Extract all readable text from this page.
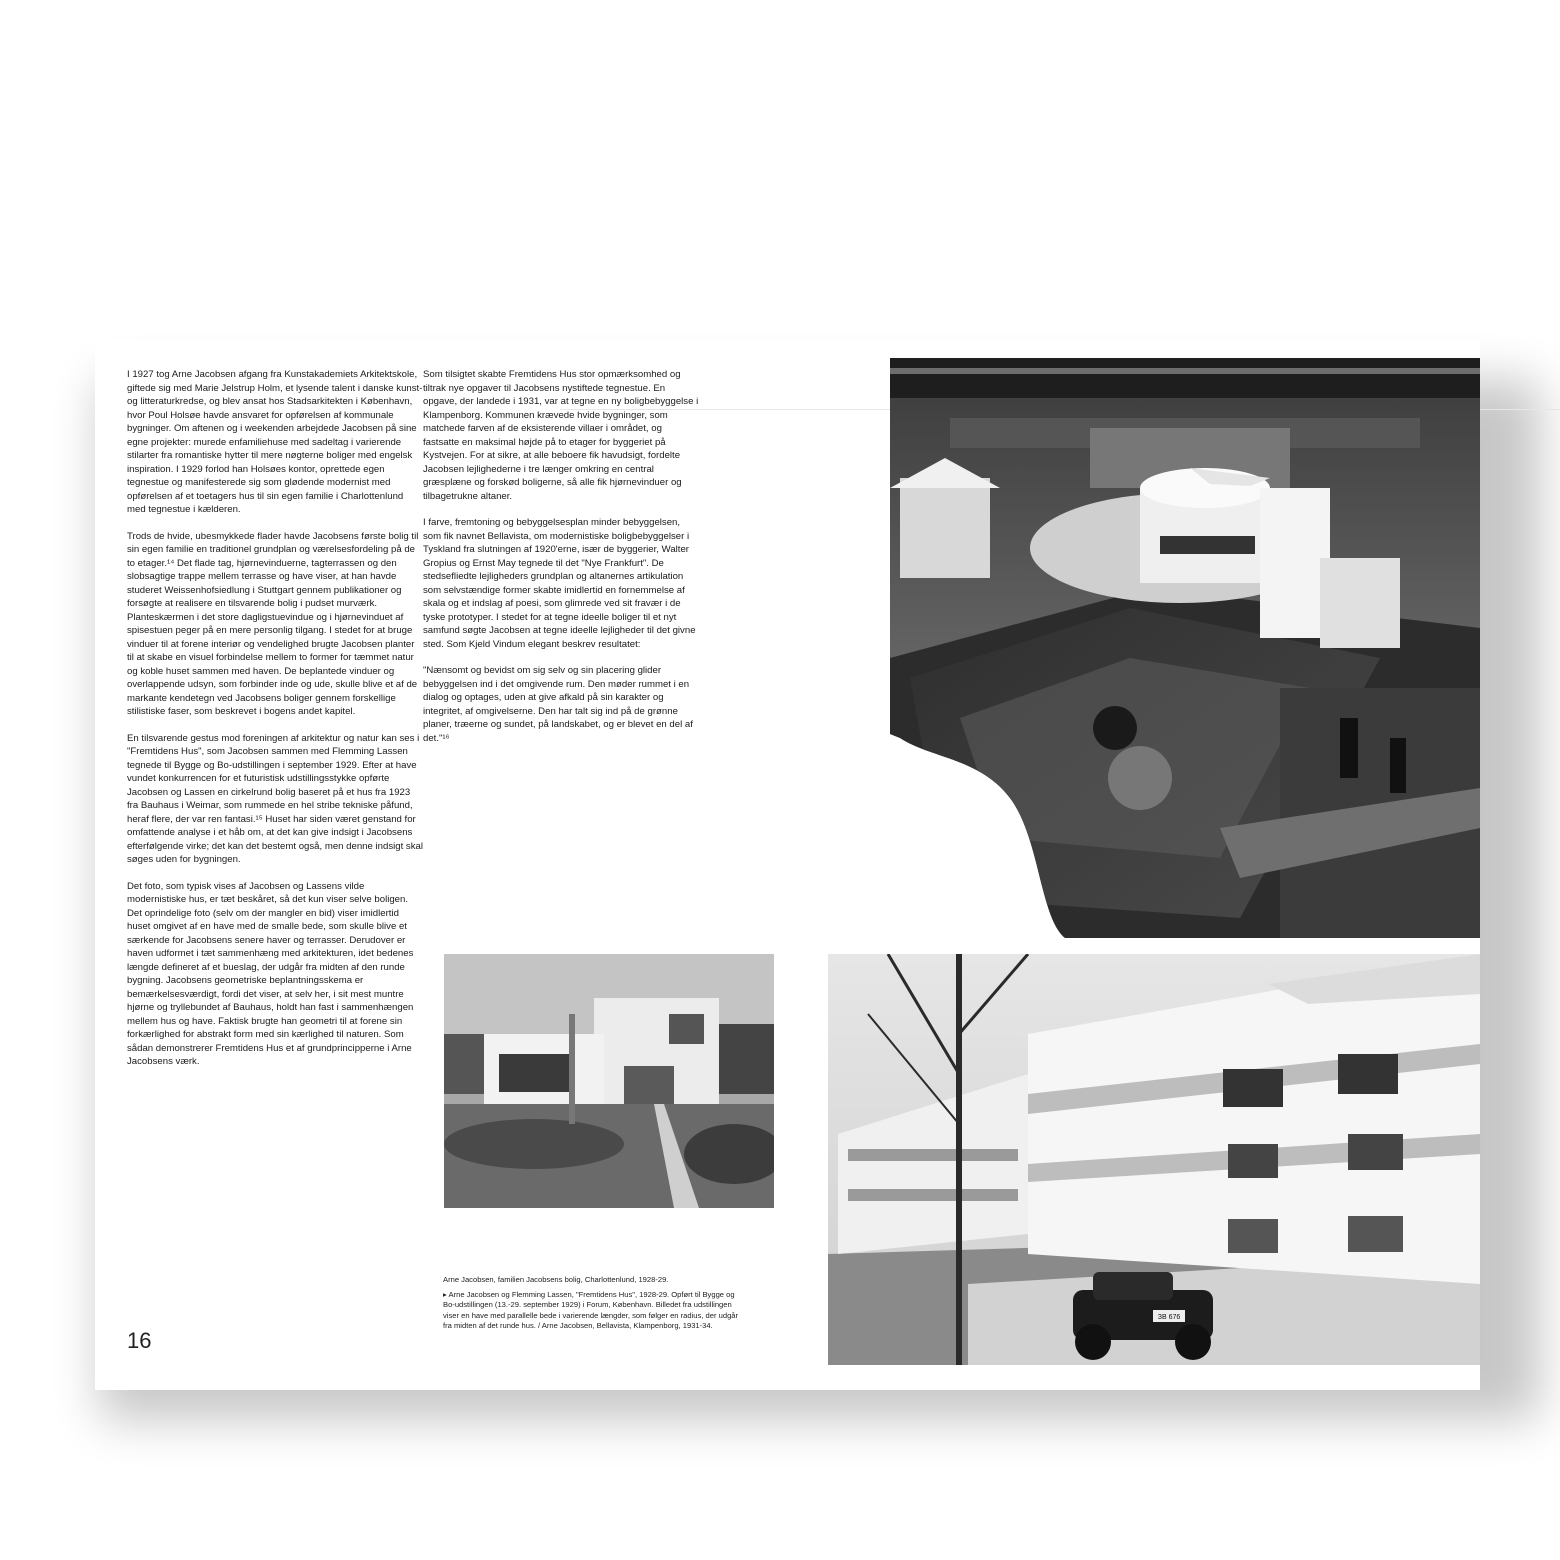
I 1927 tog Arne Jacobsen afgang fra Kunstakademiets Arkitektskole, giftede sig med Marie Jelstrup Holm, et lysende talent i danske kunst- og litteraturkredse, og blev ansat hos Stadsarkitekten i København, hvor Poul Holsøe havde ansvaret for opførelsen af kommunale bygninger. Om aftenen og i weekenden arbejdede Jacobsen på sine egne projekter: murede enfamiliehuse med sadeltag i varierende stilarter fra romantiske hytter til mere nøgterne boliger med engelsk inspiration. I 1929 forlod han Holsøes kontor, oprettede egen tegnestue og manifesterede sig som glødende modernist med opførelsen af et toetagers hus til sin egen familie i Charlottenlund med tegnestue i kælderen.

Trods de hvide, ubesmykkede flader havde Jacobsens første bolig til sin egen familie en traditionel grundplan og værelsesfordeling på de to etager.¹⁴ Det flade tag, hjørnevinduerne, tagterrassen og den slobsagtige trappe mellem terrasse og have viser, at han havde studeret Weissenhofsiedlung i Stuttgart gennem publikationer og forsøgte at realisere en tilsvarende bolig i pudset murværk. Planteskærmen i det store dagligstuevindue og i hjørnevinduet af spisestuen peger på en mere personlig tilgang. I stedet for at bruge vinduer til at forene interiør og vendelighed brugte Jacobsen planter til at skabe en visuel forbindelse mellem to former for tæmmet natur og koble huset sammen med haven. De beplantede vinduer og overlappende udsyn, som forbinder inde og ude, skulle blive et af de markante kendetegn ved Jacobsens boliger gennem forskellige stilistiske faser, som beskrevet i bogens andet kapitel.

En tilsvarende gestus mod foreningen af arkitektur og natur kan ses i "Fremtidens Hus", som Jacobsen sammen med Flemming Lassen tegnede til Bygge og Bo-udstillingen i september 1929. Efter at have vundet konkurrencen for et futuristisk udstillingsstykke opførte Jacobsen og Lassen en cirkelrund bolig baseret på et hus fra 1923 fra Bauhaus i Weimar, som rummede en hel stribe tekniske påfund, heraf flere, der var ren fantasi.¹⁵ Huset har siden været genstand for omfattende analyse i et håb om, at det kan give indsigt i Jacobsens efterfølgende virke; det kan det bestemt også, men denne indsigt skal søges uden for bygningen.

Det foto, som typisk vises af Jacobsen og Lassens vilde modernistiske hus, er tæt beskåret, så det kun viser selve boligen. Det oprindelige foto (selv om der mangler en bid) viser imidlertid huset omgivet af en have med de smalle bede, som skulle blive et særkende for Jacobsens senere haver og terrasser. Derudover er haven udformet i tæt sammenhæng med arkitekturen, idet bedenes længde defineret af et bueslag, der udgår fra midten af den runde bygning. Jacobsens geometriske beplantningsskema er bemærkelsesværdigt, fordi det viser, at selv her, i sit mest muntre hjørne og tryllebundet af Bauhaus, holdt han fast i sammenhængen mellem hus og have. Faktisk brugte han geometri til at forene sin forkærlighed for abstrakt form med sin kærlighed til naturen. Som sådan demonstrerer Fremtidens Hus et af grundprincipperne i Arne Jacobsens værk.

Som tilsigtet skabte Fremtidens Hus stor opmærksomhed og tiltrak nye opgaver til Jacobsens nystiftede tegnestue. En opgave, der landede i 1931, var at tegne en ny boligbebyggelse i Klampenborg. Kommunen krævede hvide bygninger, som matchede farven af de eksisterende villaer i området, og fastsatte en maksimal højde på to etager for byggeriet på Kystvejen. For at sikre, at alle beboere fik havudsigt, fordelte Jacobsen lejlighederne i tre længer omkring en central græsplæne og forskød boligerne, så alle fik hjørnevinduer og tilbagetrukne altaner.

I farve, fremtoning og bebyggelsesplan minder bebyggelsen, som fik navnet Bellavista, om modernistiske boligbebyggelser i Tyskland fra slutningen af 1920'erne, især de byggerier, Walter Gropius og Ernst May tegnede til det "Nye Frankfurt". De stedsefliedte lejligheders grundplan og altanernes artikulation som selvstændige former skabte imidlertid en fornemmelse af skala og et indslag af poesi, som glimrede ved sit fravær i de tyske prototyper. I stedet for at tegne ideelle boliger til et nyt samfund søgte Jacobsen at tegne ideelle lejligheder til det givne sted. Som Kjeld Vindum elegant beskrev resultatet:

"Nænsomt og bevidst om sig selv og sin placering glider bebyggelsen ind i det omgivende rum. Den møder rummet i en dialog og optages, uden at give afkald på sin karakter og integritet, af omgivelserne. Den har talt sig ind på de grønne planer, træerne og sundet, på landskabet, og er blevet en del af det."¹⁶

16

Arne Jacobsen, familien Jacobsens bolig, Charlottenlund, 1928-29.

▸ Arne Jacobsen og Flemming Lassen, "Fremtidens Hus", 1928-29. Opført til Bygge og Bo-udstillingen (13.-29. september 1929) i Forum, København. Billedet fra udstillingen viser en have med parallelle bede i varierende længder, som følger en radius, der udgår fra midten af det runde hus. / Arne Jacobsen, Bellavista, Klampenborg, 1931-34.

ЗВ 676
